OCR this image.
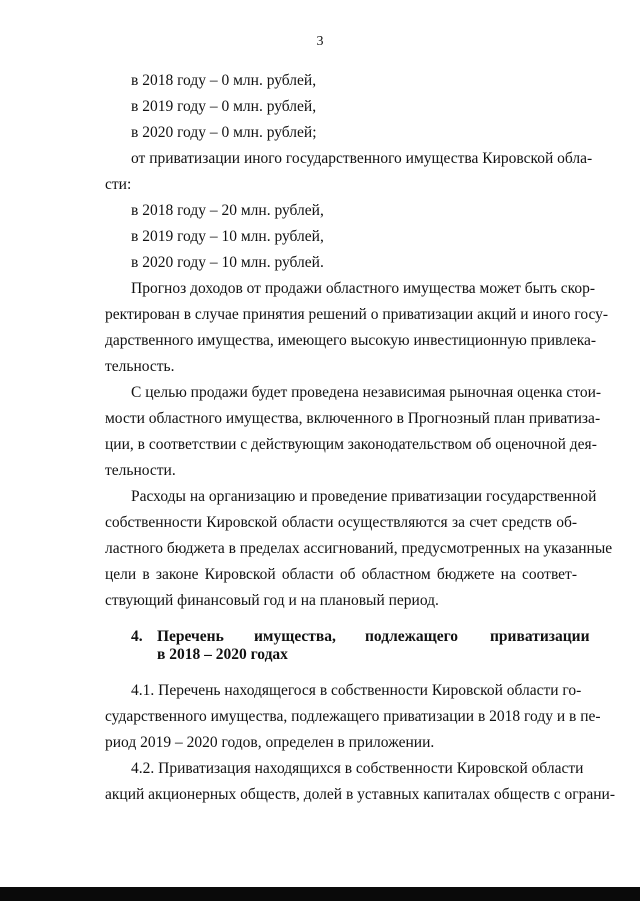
3
в 2018 году – 0 млн. рублей,
в 2019 году – 0 млн. рублей,
в 2020 году – 0 млн. рублей;
от приватизации иного государственного имущества Кировской обла-
сти:
в 2018 году – 20 млн. рублей,
в 2019 году – 10 млн. рублей,
в 2020 году – 10 млн. рублей.
Прогноз доходов от продажи областного имущества может быть скор-
ректирован в случае принятия решений о приватизации акций и иного госу-
дарственного имущества, имеющего высокую инвестиционную привлека-
тельность.
С целью продажи будет проведена независимая рыночная оценка стои-
мости областного имущества, включенного в Прогнозный план приватиза-
ции, в соответствии с действующим законодательством об оценочной дея-
тельности.
Расходы на организацию и проведение приватизации государственной
собственности Кировской области осуществляются за счет средств об-
ластного бюджета в пределах ассигнований, предусмотренных на указанные
цели в законе Кировской области об областном бюджете на соответ-
ствующий финансовый год и на плановый период.
4. Перечень имущества, подлежащего приватизации
в 2018 – 2020 годах
4.1. Перечень находящегося в собственности Кировской области го-
сударственного имущества, подлежащего приватизации в 2018 году и в пе-
риод 2019 – 2020 годов, определен в приложении.
4.2. Приватизация находящихся в собственности Кировской области
акций акционерных обществ, долей в уставных капиталах обществ с ограни-
